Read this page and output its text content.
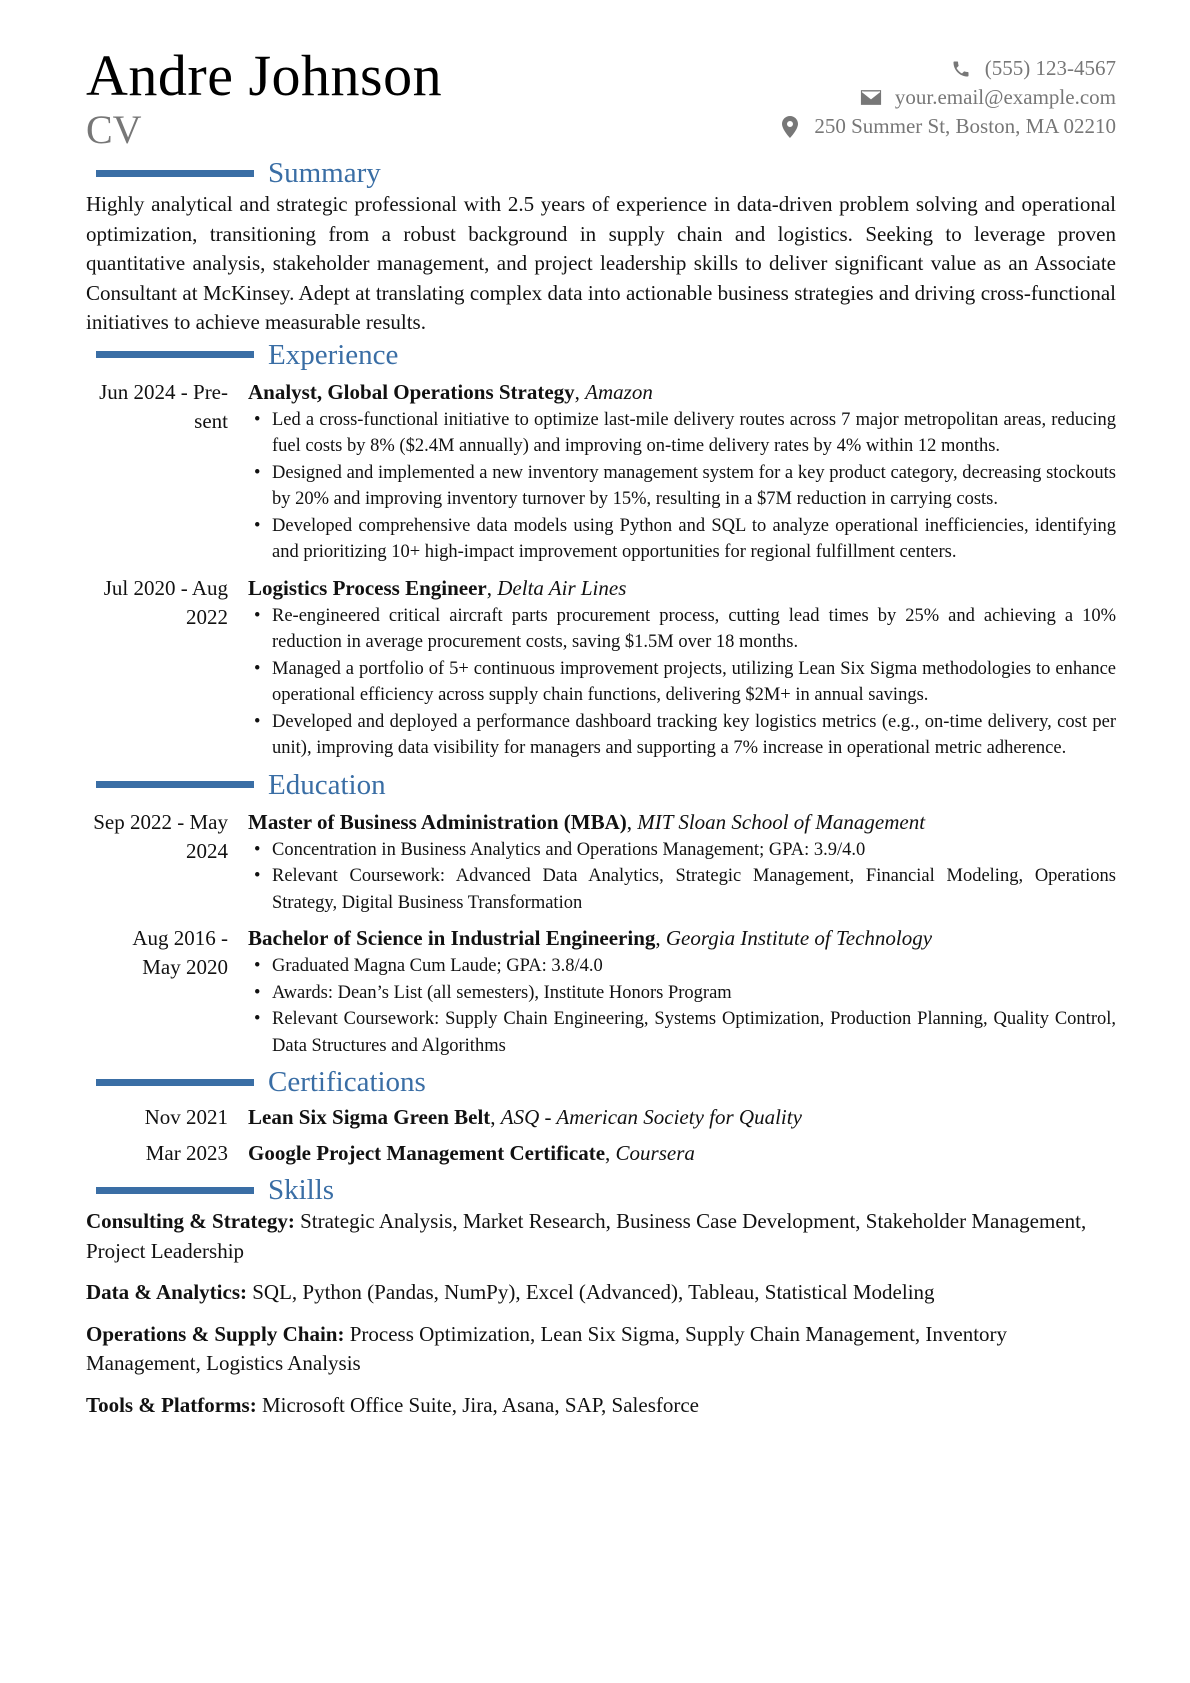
Andre Johnson
CV
(555) 123-4567
your.email@example.com
250 Summer St, Boston, MA 02210
Summary
Highly analytical and strategic professional with 2.5 years of experience in data-driven problem solving and operational optimization, transitioning from a robust background in supply chain and logistics. Seeking to leverage proven quantitative analysis, stakeholder management, and project leadership skills to deliver significant value as an Associate Consultant at McKinsey. Adept at translating complex data into actionable business strategies and driving cross-functional initiatives to achieve measurable results.
Experience
Jun 2024 - Pre-
sent
Analyst, Global Operations Strategy, Amazon
• Led a cross-functional initiative to optimize last-mile delivery routes across 7 major metropolitan areas, reducing fuel costs by 8% ($2.4M annually) and improving on-time delivery rates by 4% within 12 months.
• Designed and implemented a new inventory management system for a key product category, decreasing stockouts by 20% and improving inventory turnover by 15%, resulting in a $7M reduction in carrying costs.
• Developed comprehensive data models using Python and SQL to analyze operational inefficiencies, identifying and prioritizing 10+ high-impact improvement opportunities for regional fulfillment centers.
Jul 2020 - Aug
2022
Logistics Process Engineer, Delta Air Lines
• Re-engineered critical aircraft parts procurement process, cutting lead times by 25% and achieving a 10% reduction in average procurement costs, saving $1.5M over 18 months.
• Managed a portfolio of 5+ continuous improvement projects, utilizing Lean Six Sigma methodologies to enhance operational efficiency across supply chain functions, delivering $2M+ in annual savings.
• Developed and deployed a performance dashboard tracking key logistics metrics (e.g., on-time delivery, cost per unit), improving data visibility for managers and supporting a 7% increase in operational metric adherence.
Education
Sep 2022 - May
2024
Master of Business Administration (MBA), MIT Sloan School of Management
• Concentration in Business Analytics and Operations Management; GPA: 3.9/4.0
• Relevant Coursework: Advanced Data Analytics, Strategic Management, Financial Modeling, Operations Strategy, Digital Business Transformation
Aug 2016 -
May 2020
Bachelor of Science in Industrial Engineering, Georgia Institute of Technology
• Graduated Magna Cum Laude; GPA: 3.8/4.0
• Awards: Dean’s List (all semesters), Institute Honors Program
• Relevant Coursework: Supply Chain Engineering, Systems Optimization, Production Planning, Quality Control, Data Structures and Algorithms
Certifications
Nov 2021 Lean Six Sigma Green Belt, ASQ - American Society for Quality
Mar 2023 Google Project Management Certificate, Coursera
Skills
Consulting & Strategy: Strategic Analysis, Market Research, Business Case Development, Stakeholder Management, Project Leadership
Data & Analytics: SQL, Python (Pandas, NumPy), Excel (Advanced), Tableau, Statistical Modeling
Operations & Supply Chain: Process Optimization, Lean Six Sigma, Supply Chain Management, Inventory Management, Logistics Analysis
Tools & Platforms: Microsoft Office Suite, Jira, Asana, SAP, Salesforce
